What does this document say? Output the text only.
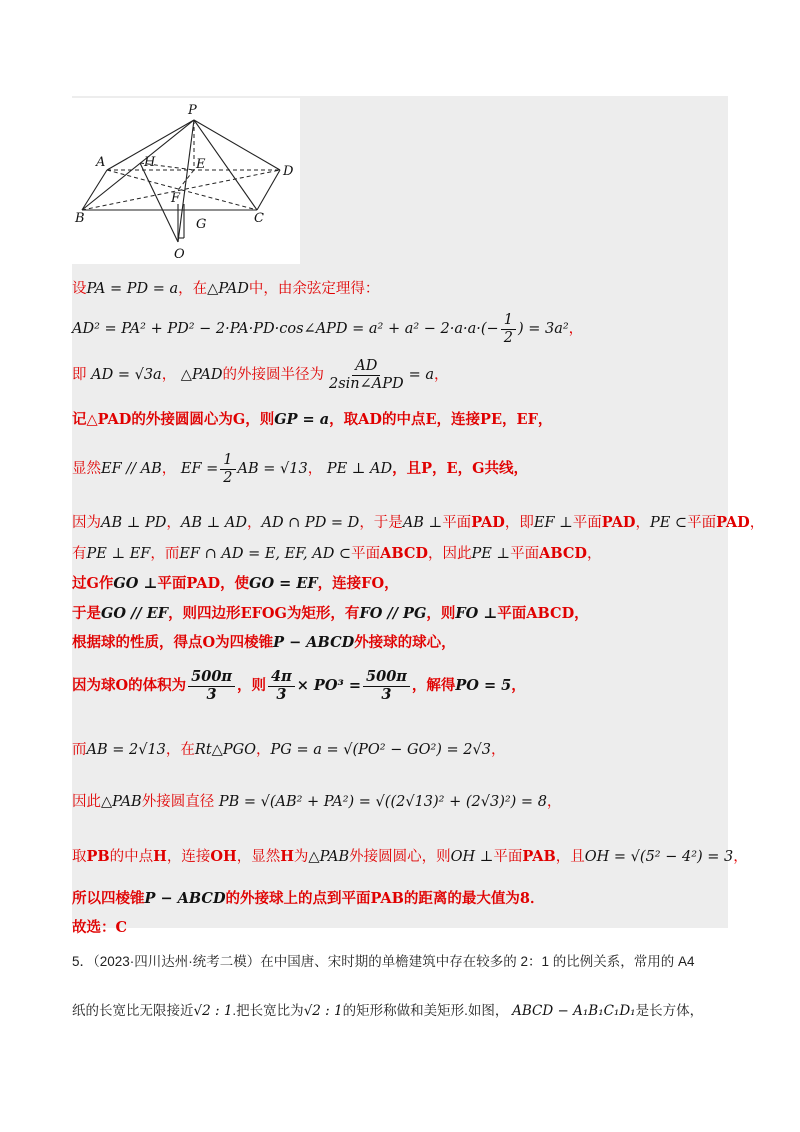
P
A	H	E	D
F
B	C
G
O
设PA = PD = a，在△PAD中，由余弦定理得：
AD² = PA² + PD² − 2·PA·PD·cos∠APD = $a^2 + a^2 - 2\cdot a\cdot a\cdot(- \frac{1}{2}$ ) = 3a²，
即 AD = √3a， △PAD的外接圆半径为 $\frac{AD}{\text{2sin∠APD}} = a$，
记△PAD的外接圆圆心为G，则GP = a，取AD的中点E，连接PE，EF，
显然EF // AB， EF = $\frac{1}{2}$ AB = √13， PE ⊥ AD，且P，E，G共线，
因为AB ⊥ PD，AB ⊥ AD，AD ∩ PD = D，于是AB ⊥平面PAD，即EF ⊥平面PAD，PE ⊂平面PAD，
有PE ⊥ EF，而EF ∩ AD = E, EF, AD ⊂平面ABCD，因此PE ⊥平面ABCD，
过G作GO ⊥平面PAD，使GO = EF，连接FO，
于是GO // EF，则四边形EFOG为矩形，有FO // PG，则FO ⊥平面ABCD，
根据球的性质，得点O为四棱锥P − ABCD外接球的球心，
因为球O的体积为 $\frac{500\pi}{3}$ ，则 $\frac{4\pi}{3} \times PO^3 = \frac{500\pi}{3}$ ，解得PO = 5，
而AB = 2√13，在Rt△PGO，PG = a = √(PO² − GO²) = 2√3，
因此△PAB外接圆直径 PB = √(AB² + PA²) = √((2√13)² + (2√3)²) = 8，
取PB的中点H，连接OH，显然H为△PAB外接圆圆心，则OH ⊥平面PAB，且OH = √(5² − 4²) = 3，
所以四棱锥P − ABCD的外接球上的点到平面PAB的距离的最大值为8．
故选：C
5．（2023·四川达州·统考二模）在中国唐、宋时期的单檐建筑中存在较多的 2：1 的比例关系，常用的 A4
纸的长宽比无限接近√2 : 1.把长宽比为√2 : 1的矩形称做和美矩形.如图， ABCD − A₁B₁C₁D₁是长方体，
